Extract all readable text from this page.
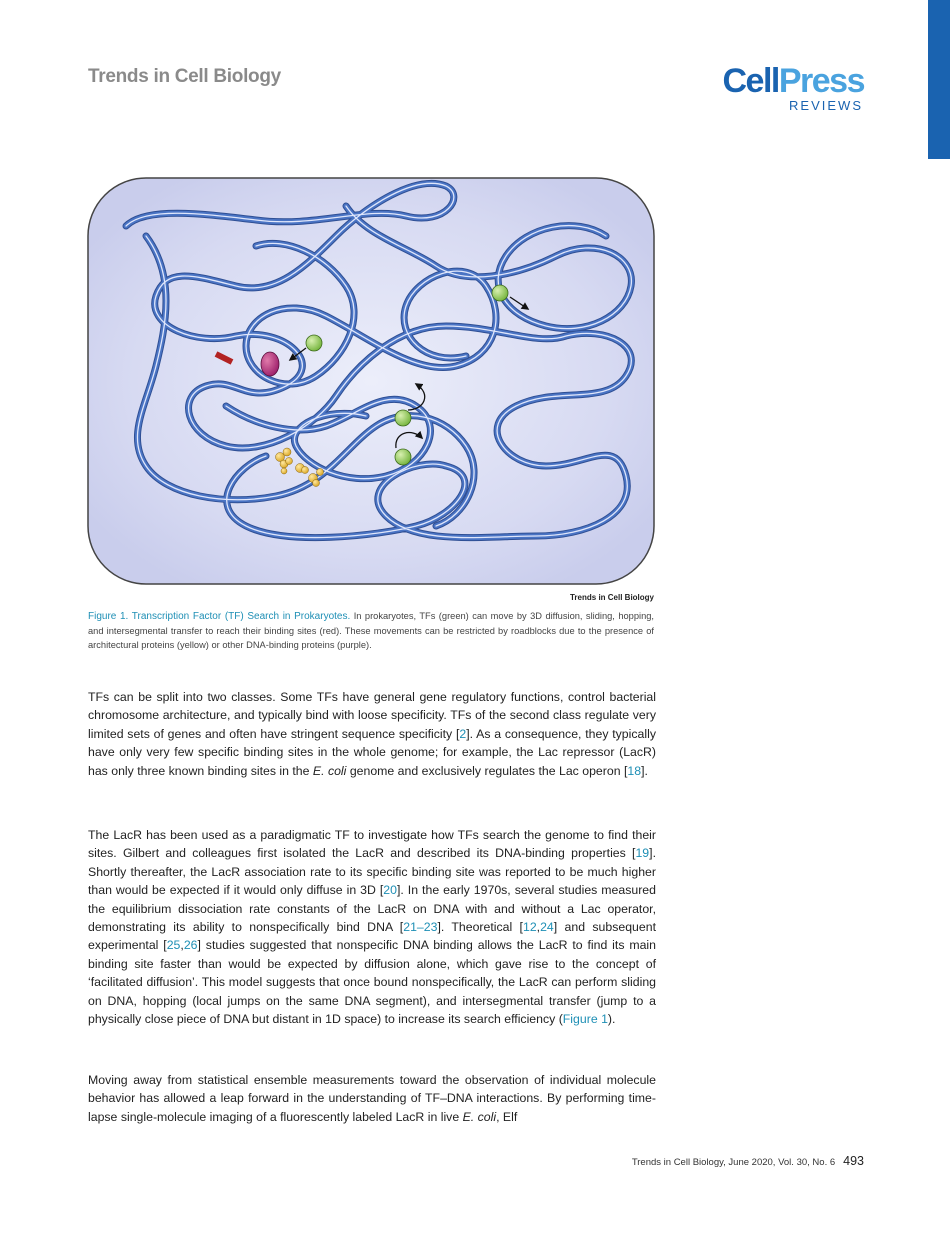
Trends in Cell Biology	CellPress
REVIEWS
Trends in Cell Biology
Figure 1. Transcription Factor (TF) Search in Prokaryotes. In prokaryotes, TFs (green) can move by 3D diffusion, sliding, hopping, and intersegmental transfer to reach their binding sites (red). These movements can be restricted by roadblocks due to the presence of architectural proteins (yellow) or other DNA-binding proteins (purple).
TFs can be split into two classes. Some TFs have general gene regulatory functions, control bacterial chromosome architecture, and typically bind with loose specificity. TFs of the second class regulate very limited sets of genes and often have stringent sequence specificity [2]. As a consequence, they typically have only very few specific binding sites in the whole genome; for example, the Lac repressor (LacR) has only three known binding sites in the E. coli genome and exclusively regulates the Lac operon [18].
The LacR has been used as a paradigmatic TF to investigate how TFs search the genome to find their sites. Gilbert and colleagues first isolated the LacR and described its DNA-binding properties [19]. Shortly thereafter, the LacR association rate to its specific binding site was reported to be much higher than would be expected if it would only diffuse in 3D [20]. In the early 1970s, several studies measured the equilibrium dissociation rate constants of the LacR on DNA with and without a Lac operator, demonstrating its ability to nonspecifically bind DNA [21–23]. Theoretical [12,24] and subsequent experimental [25,26] studies suggested that nonspecific DNA binding allows the LacR to find its main binding site faster than would be expected by diffusion alone, which gave rise to the concept of ‘facilitated diffusion’. This model suggests that once bound nonspecifically, the LacR can perform sliding on DNA, hopping (local jumps on the same DNA segment), and intersegmental transfer (jump to a physically close piece of DNA but distant in 1D space) to increase its search efficiency (Figure 1).
Moving away from statistical ensemble measurements toward the observation of individual molecule behavior has allowed a leap forward in the understanding of TF–DNA interactions. By performing time-lapse single-molecule imaging of a fluorescently labeled LacR in live E. coli, Elf
Trends in Cell Biology, June 2020, Vol. 30, No. 6 493
